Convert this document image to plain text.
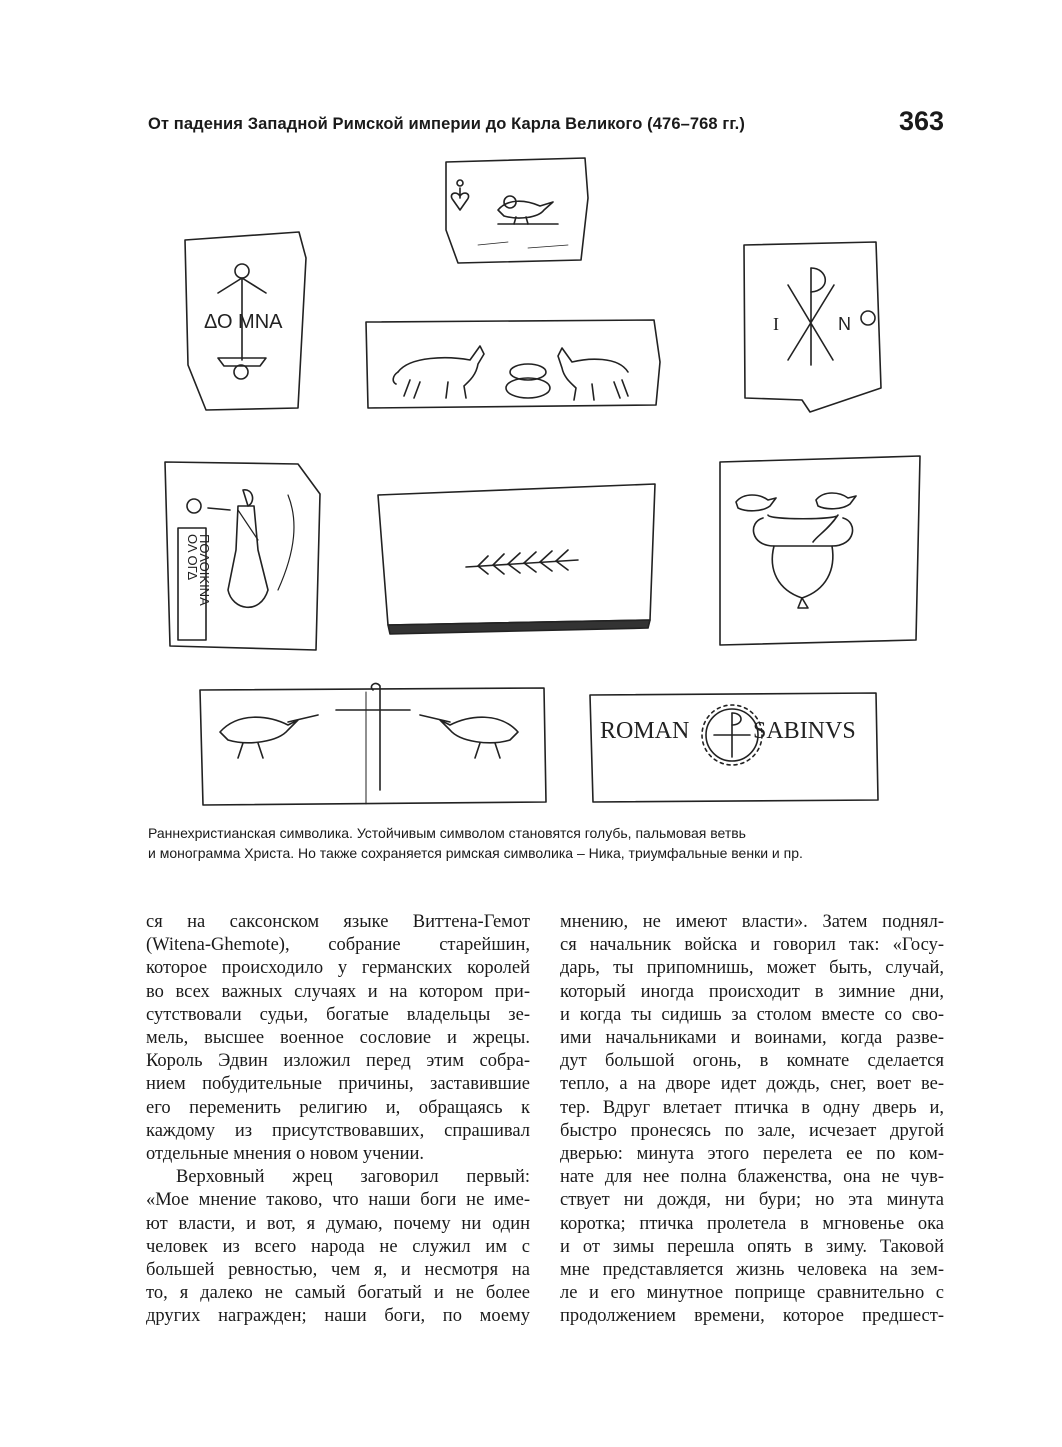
От падения Западной Римской империи до Карла Великого (476–768 гг.)	363
ΔΟ MNA	I	N
ΠΟΛΟΙΚΙΝΑ
ΟΛ ΟΓΔ
ROMAN	SABINVS
Раннехристианская символика. Устойчивым символом становятся голубь, пальмовая ветвь
и монограмма Христа. Но также сохраняется римская символика – Ника, триумфальные венки и пр.
ся на саксонском языке Виттена-Гемот
(Witena-Ghemote), собрание старейшин,
которое происходило у германских королей
во всех важных случаях и на котором при-
сутствовали судьи, богатые владельцы зе-
мель, высшее военное сословие и жрецы.
Король Эдвин изложил перед этим собра-
нием побудительные причины, заставившие
его переменить религию и, обращаясь к
каждому из присутствовавших, спрашивал
отдельные мнения о новом учении.
Верховный жрец заговорил первый:
«Мое мнение таково, что наши боги не име-
ют власти, и вот, я думаю, почему ни один
человек из всего народа не служил им с
большей ревностью, чем я, и несмотря на
то, я далеко не самый богатый и не более
других награжден; наши боги, по моему
мнению, не имеют власти». Затем поднял-
ся начальник войска и говорил так: «Госу-
дарь, ты припомнишь, может быть, случай,
который иногда происходит в зимние дни,
и когда ты сидишь за столом вместе со сво-
ими начальниками и воинами, когда разве-
дут большой огонь, в комнате сделается
тепло, а на дворе идет дождь, снег, воет ве-
тер. Вдруг влетает птичка в одну дверь и,
быстро пронесясь по зале, исчезает другой
дверью: минута этого перелета ее по ком-
нате для нее полна блаженства, она не чув-
ствует ни дождя, ни бури; но эта минута
коротка; птичка пролетела в мгновенье ока
и от зимы перешла опять в зиму. Таковой
мне представляется жизнь человека на зем-
ле и его минутное поприще сравнительно с
продолжением времени, которое предшест-
